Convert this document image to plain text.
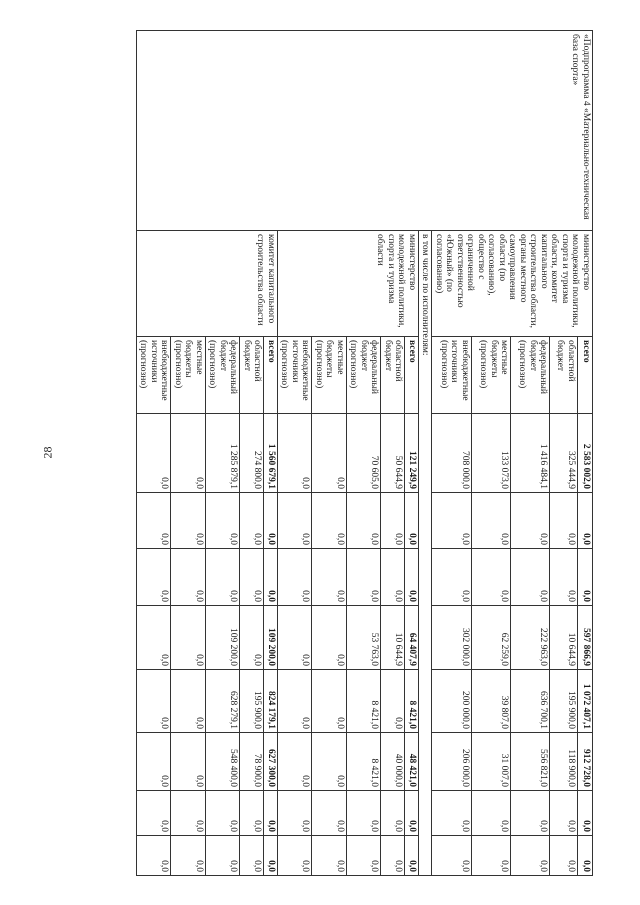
28
«Подпрограмма 4 «Материально-техническая база спорта»	министерство молодежной политики, спорта и туризма области, комитет капитального строительства области, органы местного самоуправления области (по согласованию), общество с ограниченной ответственностью «Южный» (по согласованию)	всего	2 583 002,0	0,0	0,0	597 866,9	1 072 407,1	912 728,0	0,0	0,0
		областной бюджет	325 444,9	0,0	0,0	10 644,9	195 900,0	118 900,0	0,0	0,0
		федеральный бюджет (прогнозно)	1 416 484,1	0,0	0,0	222 963,0	636 700,1	556 821,0	0,0	0,0
		местные бюджеты (прогнозно)	133 073,0	0,0	0,0	62 259,0	39 807,0	31 007,0	0,0	0,0
		внебюджетные источники (прогнозно)	708 000,0	0,0	0,0	302 000,0	200 000,0	206 000,0	0,0	0,0
	в том числе по исполнителям:									
	министерство молодежной политики, спорта и туризма области	всего	121 249,9	0,0	0,0	64 407,9	8 421,0	48 421,0	0,0	0,0
		областной бюджет	50 644,9	0,0	0,0	10 644,9	0,0	40 000,0	0,0	0,0
		федеральный бюджет (прогнозно)	70 605,0	0,0	0,0	53 763,0	8 421,0	8 421,0	0,0	0,0
		местные бюджеты (прогнозно)	0,0	0,0	0,0	0,0	0,0	0,0	0,0	0,0
		внебюджетные источники (прогнозно)	0,0	0,0	0,0	0,0	0,0	0,0	0,0	0,0
	комитет капитального строительства области	всего	1 560 679,1	0,0	0,0	109 200,0	824 179,1	627 300,0	0,0	0,0
		областной бюджет	274 800,0	0,0	0,0	0,0	195 900,0	78 900,0	0,0	0,0
		федеральный бюджет (прогнозно)	1 285 879,1	0,0	0,0	109 200,0	628 279,1	548 400,0	0,0	0,0
		местные бюджеты (прогнозно)	0,0	0,0	0,0	0,0	0,0	0,0	0,0	0,0
		внебюджетные источники (прогнозно)	0,0	0,0	0,0	0,0	0,0	0,0	0,0	0,0
